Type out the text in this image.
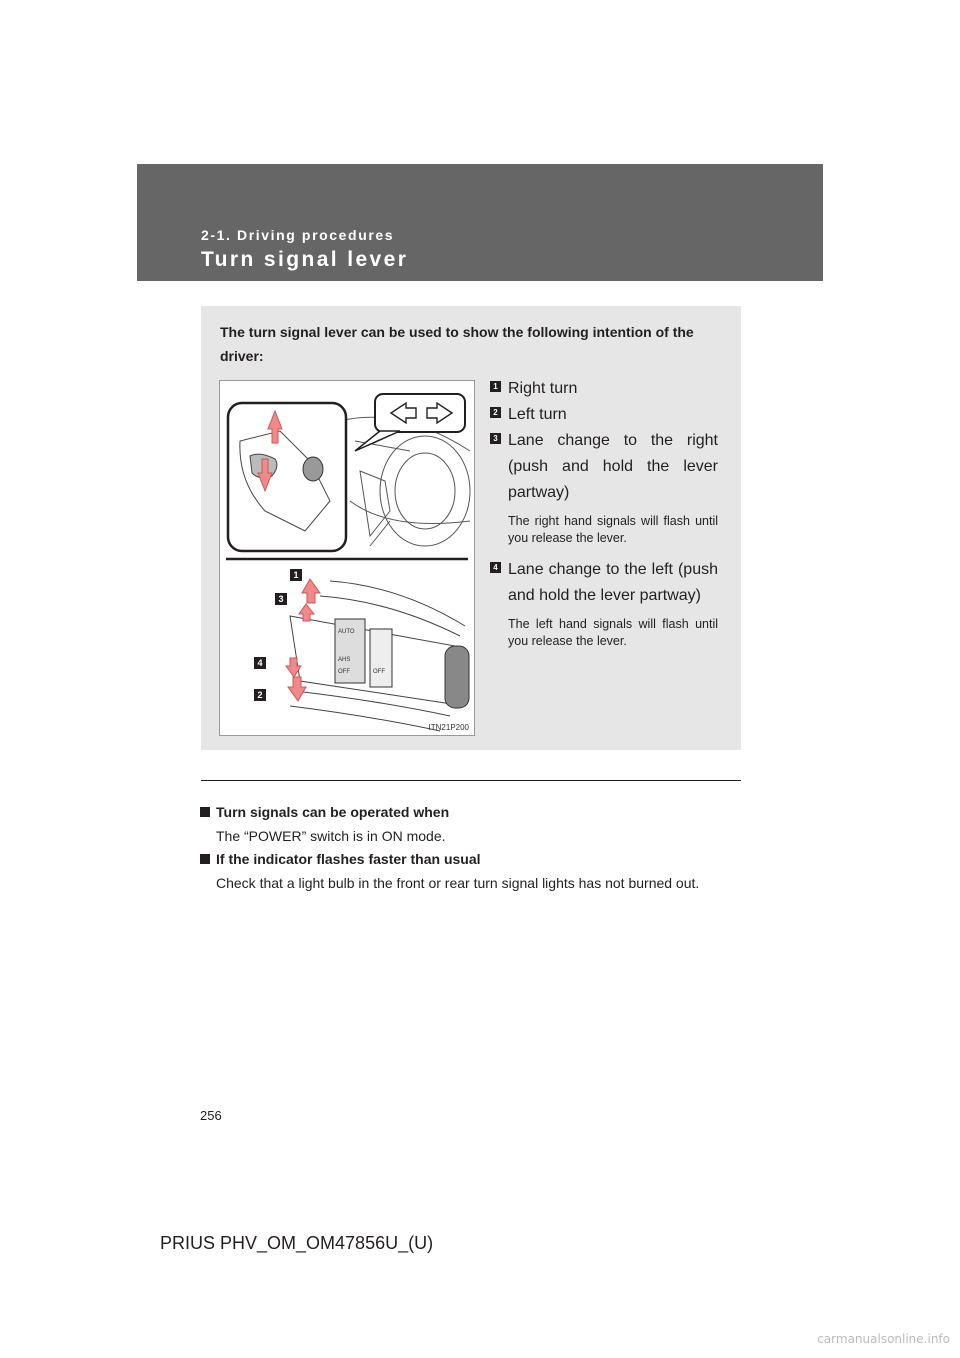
2-1. Driving procedures
Turn signal lever
The turn signal lever can be used to show the following intention of the driver:
AUTO
AHS
OFF	OFF
1
3
4
2
ITN21P200
1 Right turn
2 Left turn
3 Lane change to the right (push and hold the lever partway)
The right hand signals will flash until you release the lever.
4 Lane change to the left (push and hold the lever partway)
The left hand signals will flash until you release the lever.
Turn signals can be operated when
The “POWER” switch is in ON mode.
If the indicator flashes faster than usual
Check that a light bulb in the front or rear turn signal lights has not burned out.
256
PRIUS PHV_OM_OM47856U_(U)
carmanualsonline.info
